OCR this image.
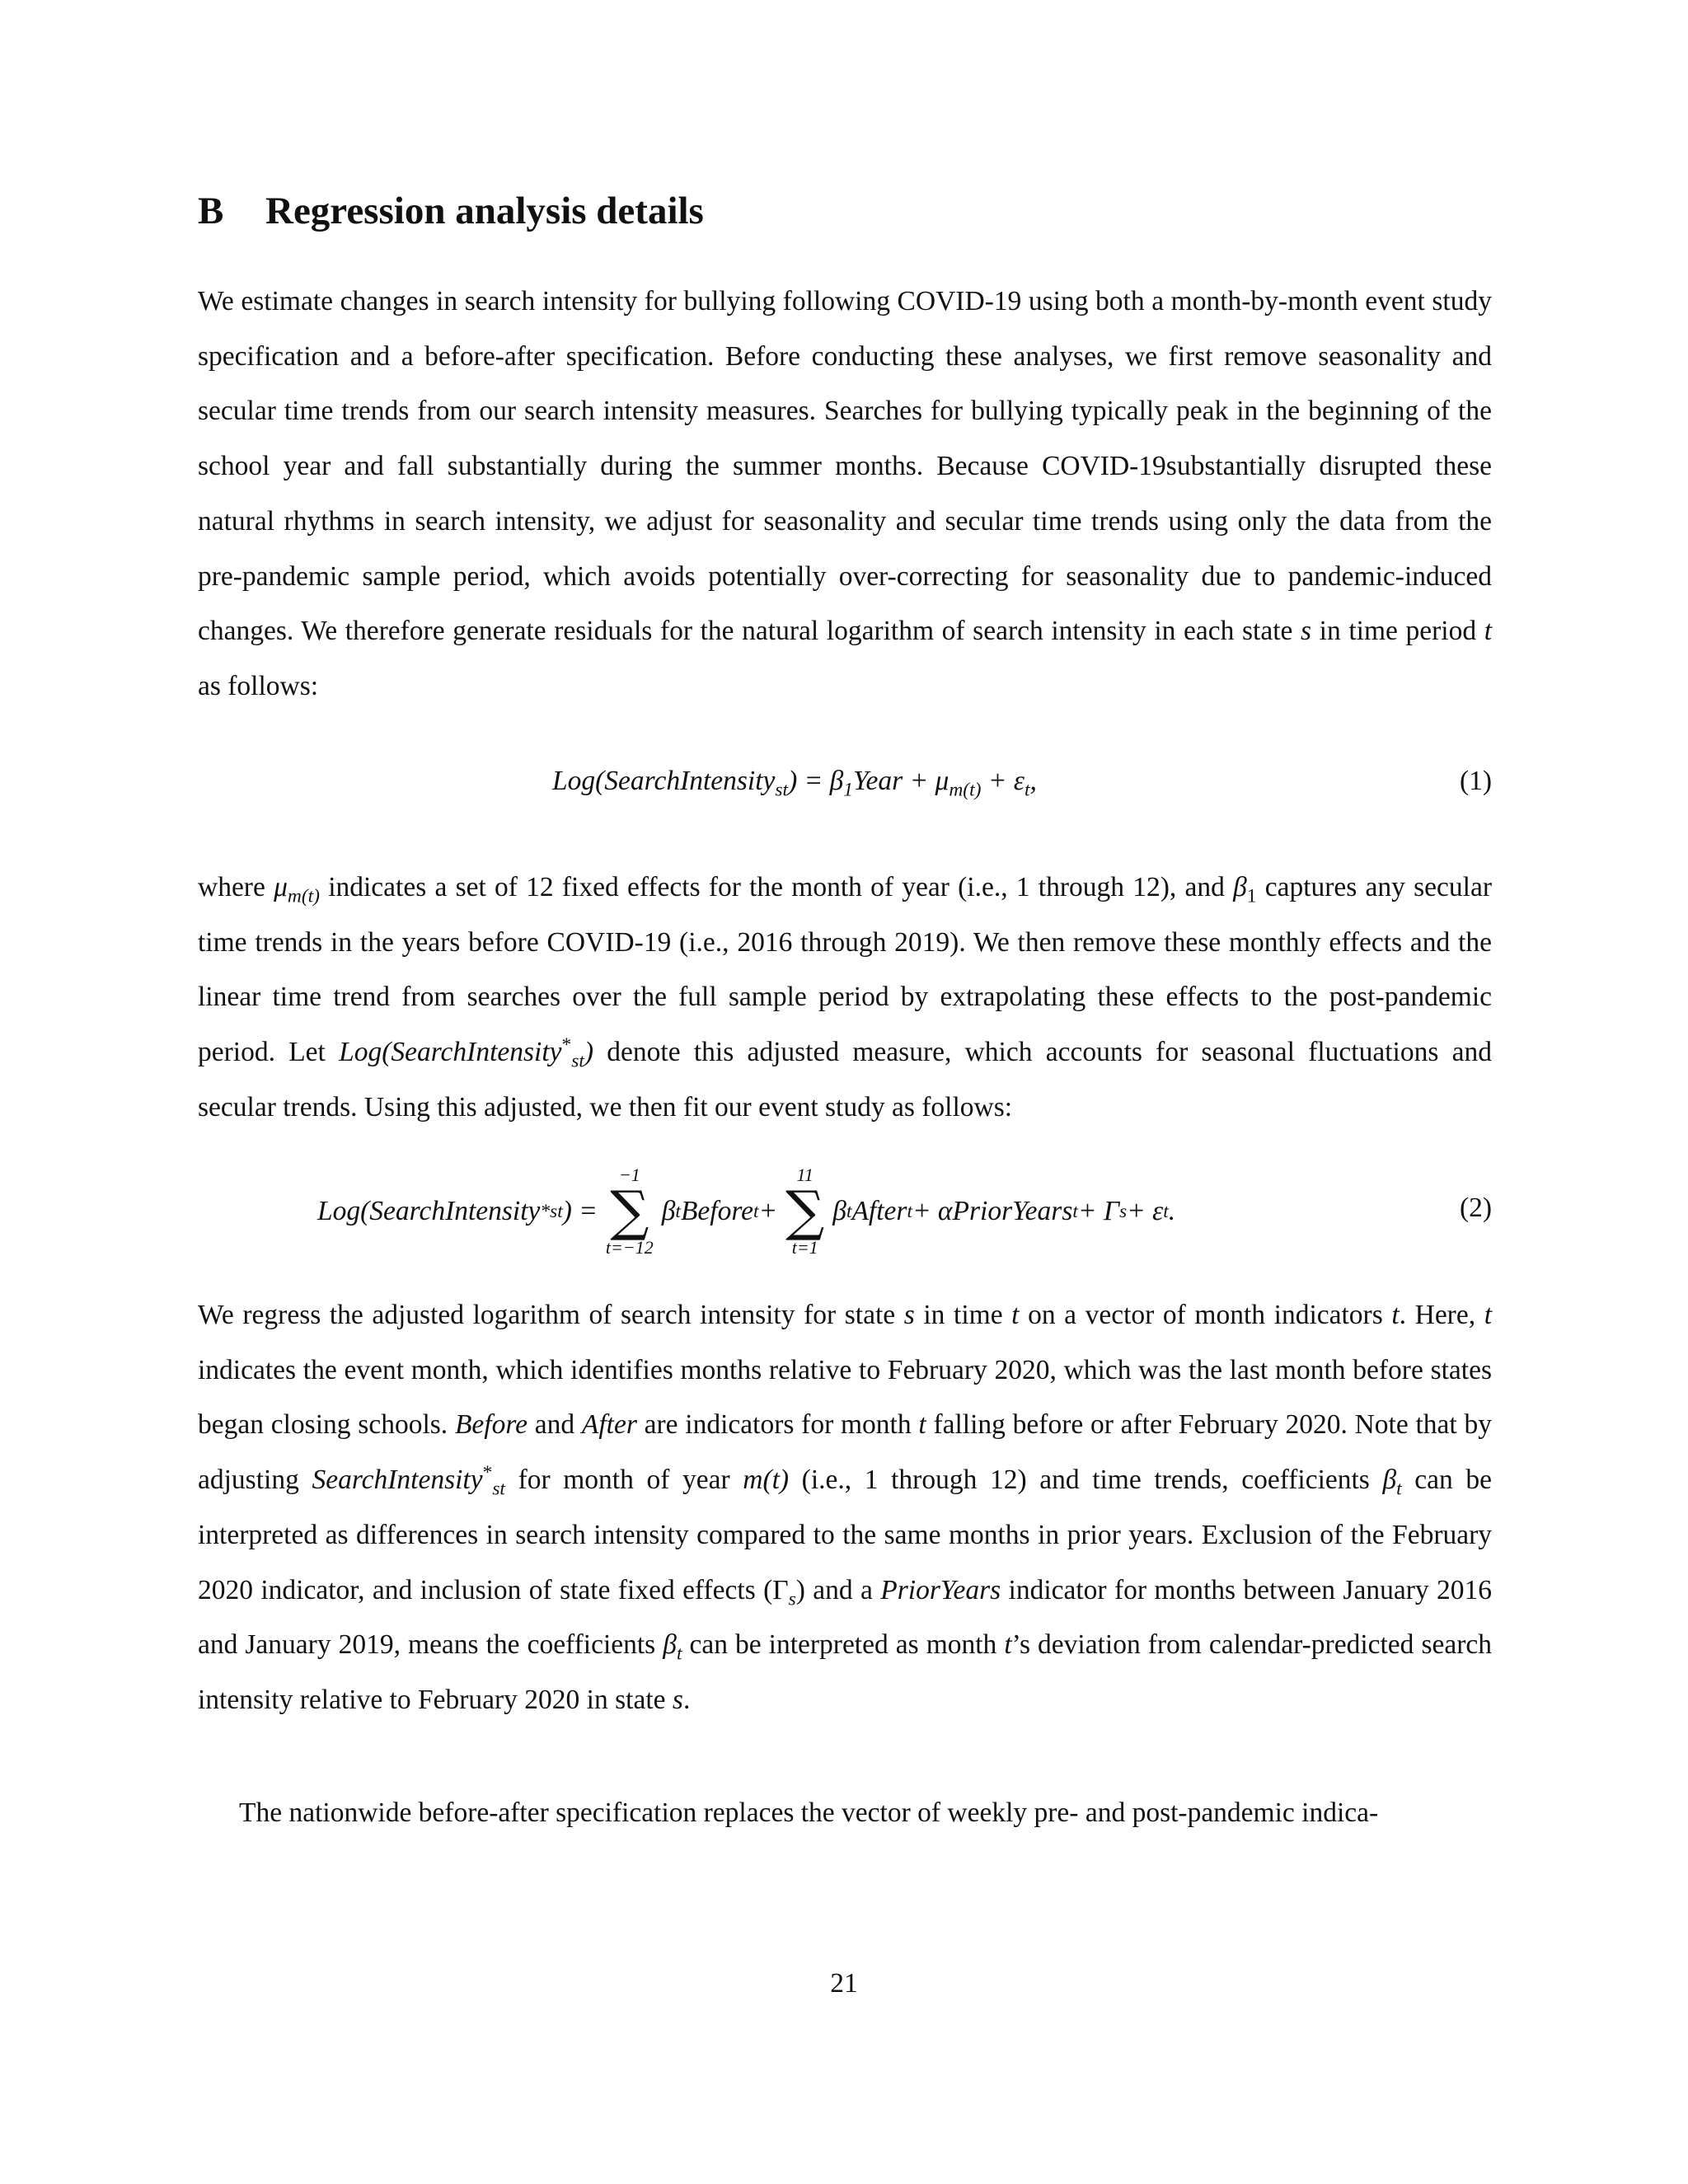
B Regression analysis details

We estimate changes in search intensity for bullying following COVID-19 using both a month-by-month event study specification and a before-after specification. Before conducting these analyses, we first remove seasonality and secular time trends from our search intensity measures. Searches for bullying typically peak in the beginning of the school year and fall substantially during the summer months. Because COVID-19substantially disrupted these natural rhythms in search intensity, we adjust for seasonality and secular time trends using only the data from the pre-pandemic sample period, which avoids potentially over-correcting for seasonality due to pandemic-induced changes. We therefore generate residuals for the natural logarithm of search intensity in each state s in time period t as follows:

Log(SearchIntensity$_{st}$) = $\beta_1Year + \mu_{m(t)} + \varepsilon_t$,	(1)

where $\mu_{m(t)}$ indicates a set of 12 fixed effects for the month of year (i.e., 1 through 12), and $\beta_1$ captures any secular time trends in the years before COVID-19 (i.e., 2016 through 2019). We then remove these monthly effects and the linear time trend from searches over the full sample period by extrapolating these effects to the post-pandemic period. Let Log(SearchIntensity*$_{st}$) denote this adjusted measure, which accounts for seasonal fluctuations and secular trends. Using this adjusted, we then fit our event study as follows:

Log(SearchIntensity * st ) =
−1
∑
t=−12
β t Before t +
11
∑
t=1
β t After t + αPriorYears t + Γ s + ε t .	(2)

We regress the adjusted logarithm of search intensity for state s in time t on a vector of month indicators t. Here, t indicates the event month, which identifies months relative to February 2020, which was the last month before states began closing schools. Before and After are indicators for month t falling before or after February 2020. Note that by adjusting SearchIntensity*$_{st}$ for month of year m(t) (i.e., 1 through 12) and time trends, coefficients $\beta_t$ can be interpreted as differences in search intensity compared to the same months in prior years. Exclusion of the February 2020 indicator, and inclusion of state fixed effects $(\Gamma_s)$ and a PriorYears indicator for months between January 2016 and January 2019, means the coefficients $\beta_t$ can be interpreted as month t’s deviation from calendar-predicted search intensity relative to February 2020 in state s.

The nationwide before-after specification replaces the vector of weekly pre- and post-pandemic indica-

21
